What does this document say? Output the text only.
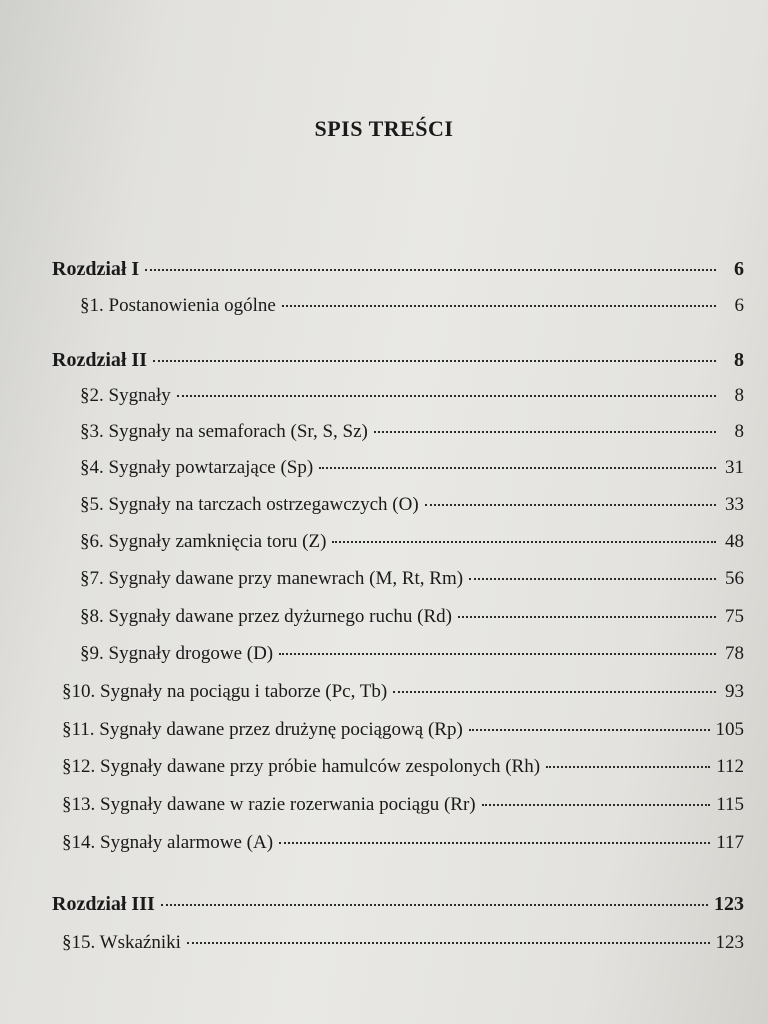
SPIS TREŚCI
Rozdział I	6
§1. Postanowienia ogólne	6
Rozdział II	8
§2. Sygnały	8
§3. Sygnały na semaforach (Sr, S, Sz)	8
§4. Sygnały powtarzające (Sp)	31
§5. Sygnały na tarczach ostrzegawczych (O)	33
§6. Sygnały zamknięcia toru (Z)	48
§7. Sygnały dawane przy manewrach (M, Rt, Rm)	56
§8. Sygnały dawane przez dyżurnego ruchu (Rd)	75
§9. Sygnały drogowe (D)	78
§10. Sygnały na pociągu i taborze (Pc, Tb)	93
§11. Sygnały dawane przez drużynę pociągową (Rp)	105
§12. Sygnały dawane przy próbie hamulców zespolonych (Rh)	112
§13. Sygnały dawane w razie rozerwania pociągu (Rr)	115
§14. Sygnały alarmowe (A)	117
Rozdział III	123
§15. Wskaźniki	123
